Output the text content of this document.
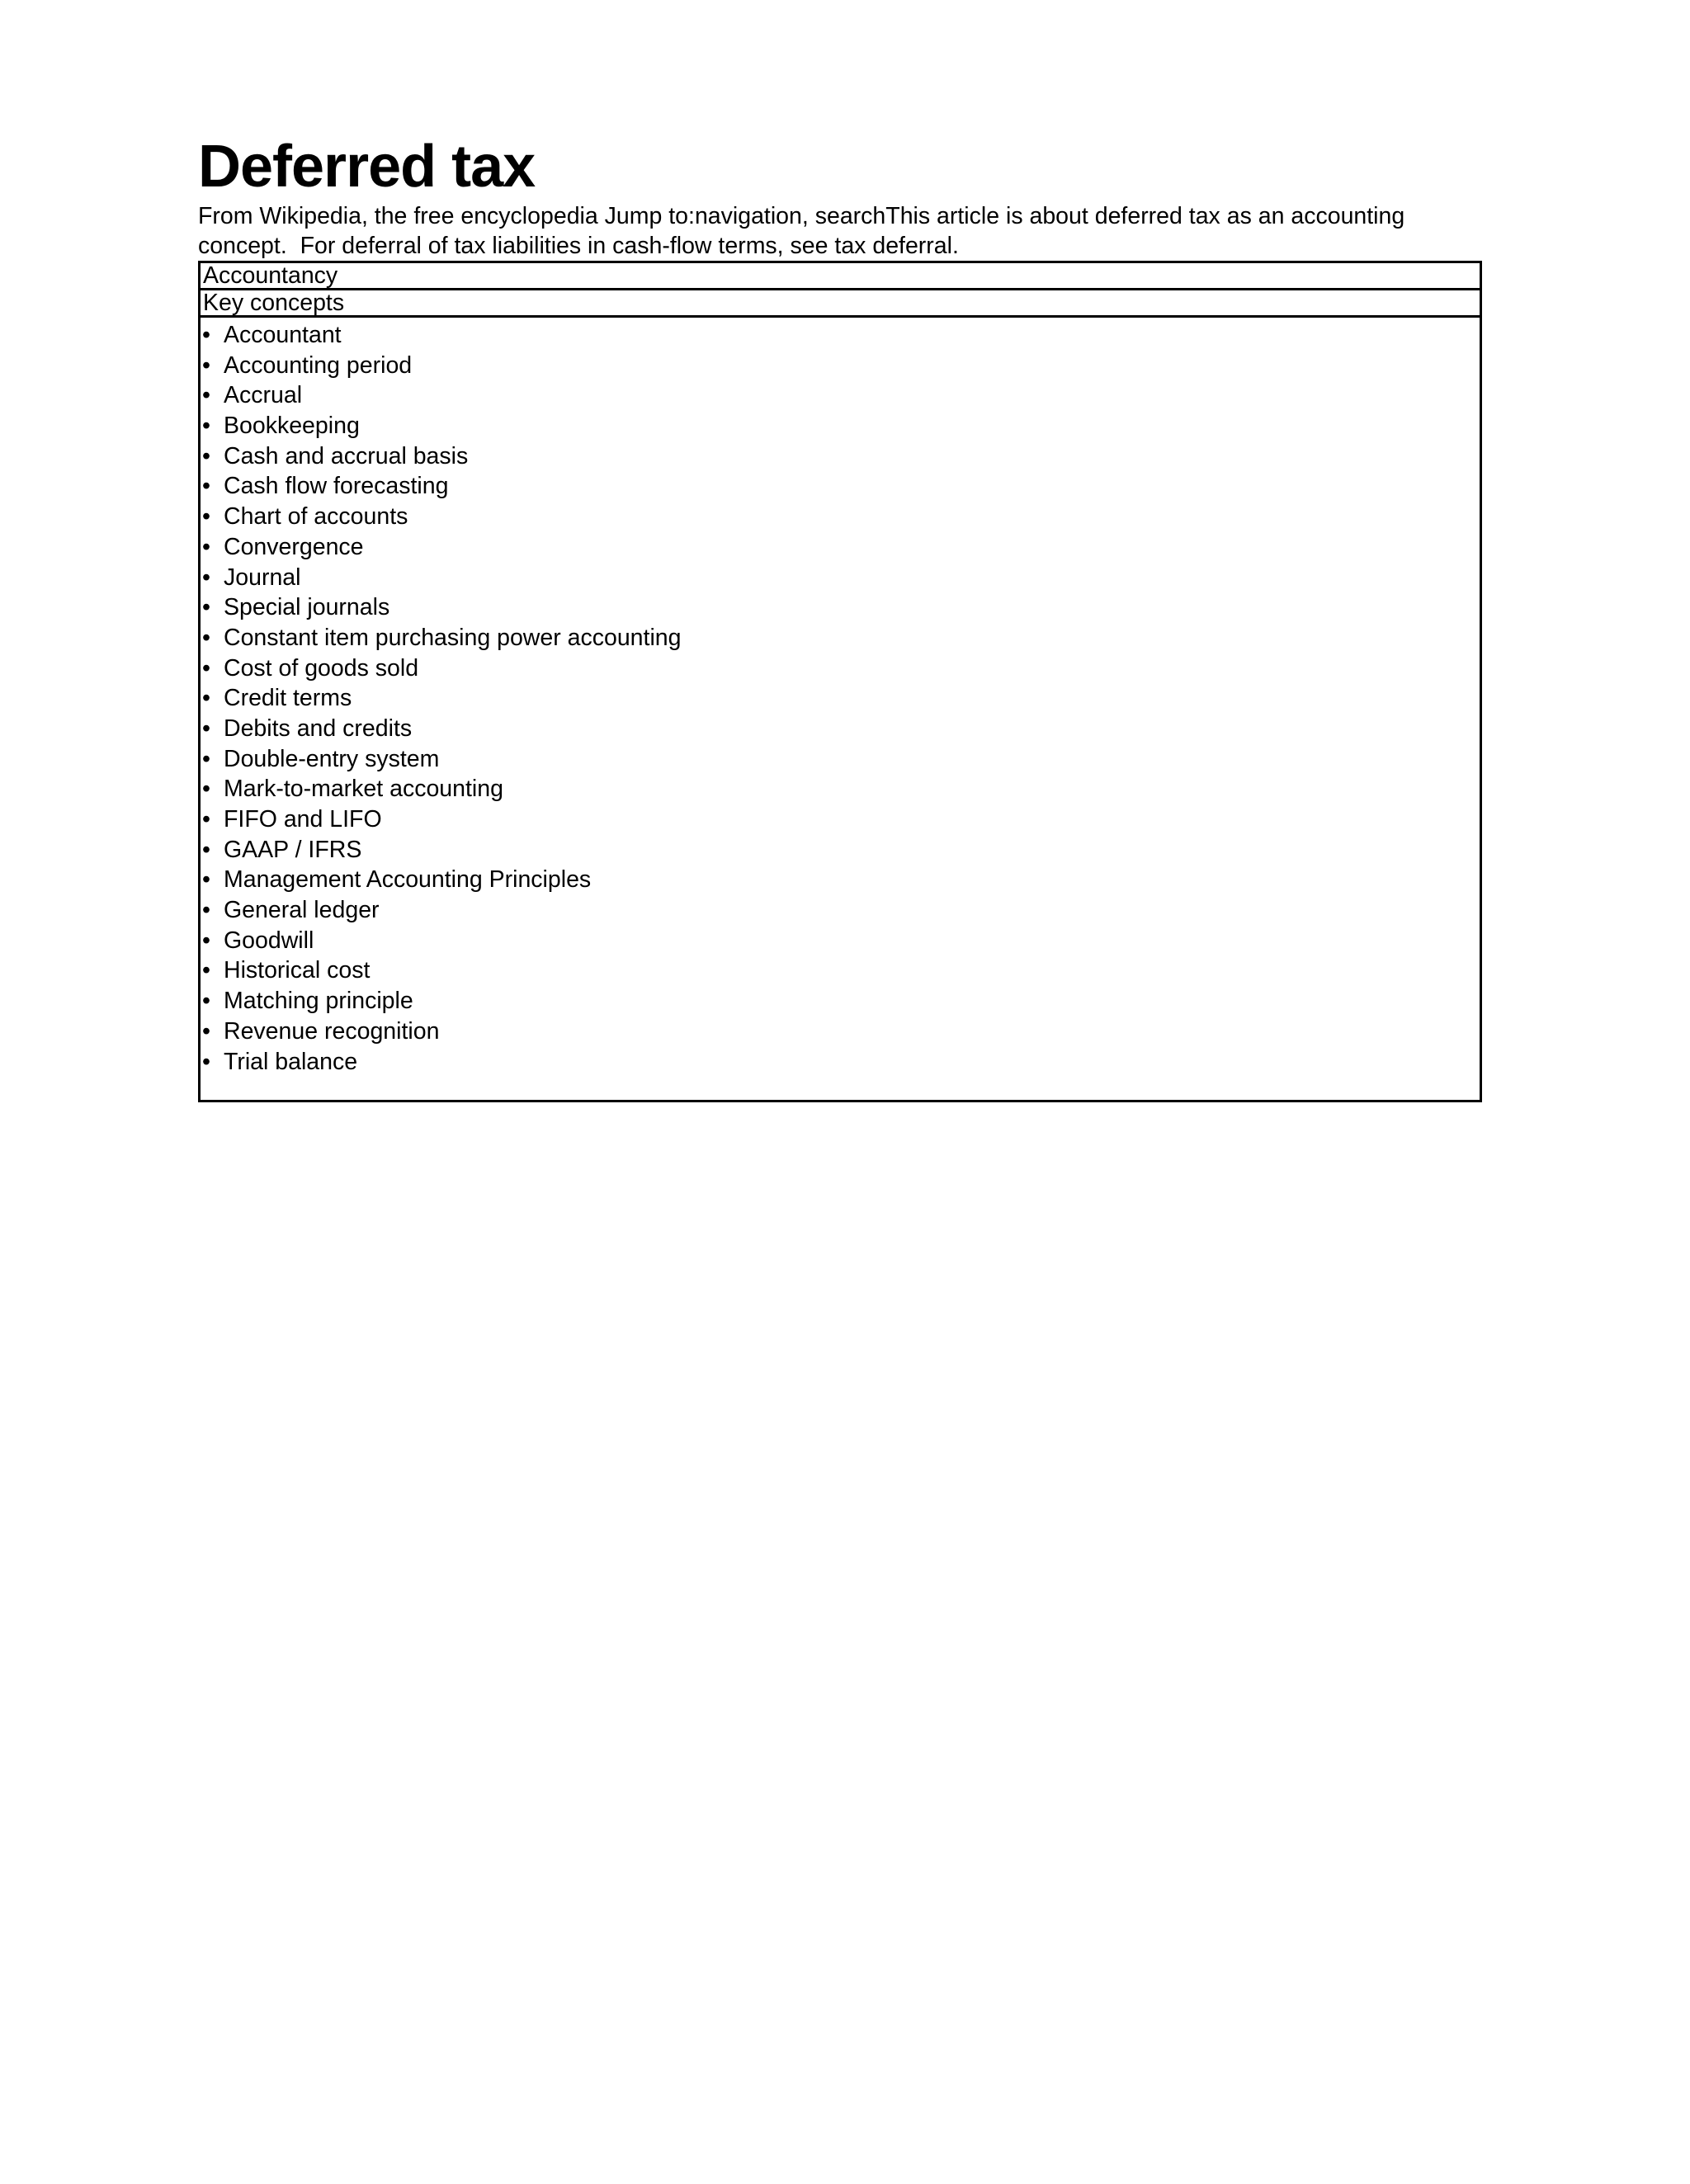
Deferred tax

From Wikipedia, the free encyclopedia Jump to:navigation, searchThis article is about deferred tax as an accounting concept.  For deferral of tax liabilities in cash-flow terms, see tax deferral.

Accountancy
Key concepts
• Accountant
• Accounting period
• Accrual
• Bookkeeping
• Cash and accrual basis
• Cash flow forecasting
• Chart of accounts
• Convergence
• Journal
• Special journals
• Constant item purchasing power accounting
• Cost of goods sold
• Credit terms
• Debits and credits
• Double-entry system
• Mark-to-market accounting
• FIFO and LIFO
• GAAP / IFRS
• Management Accounting Principles
• General ledger
• Goodwill
• Historical cost
• Matching principle
• Revenue recognition
• Trial balance
